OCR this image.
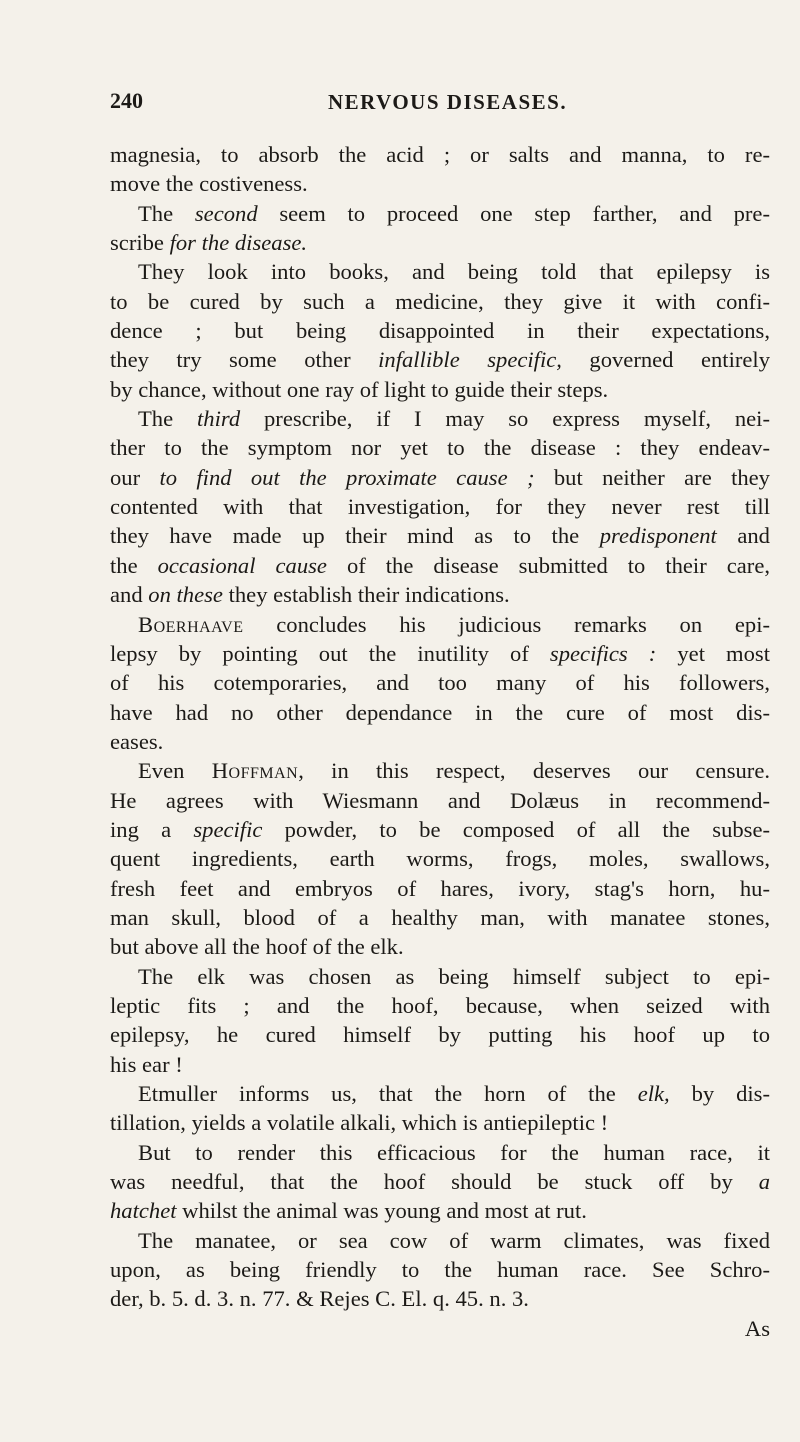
240	NERVOUS DISEASES.
magnesia, to absorb the acid ; or salts and manna, to re-
move the costiveness.
The second seem to proceed one step farther, and pre-
scribe for the disease.
They look into books, and being told that epilepsy is
to be cured by such a medicine, they give it with confi-
dence ; but being disappointed in their expectations,
they try some other infallible specific, governed entirely
by chance, without one ray of light to guide their steps.
The third prescribe, if I may so express myself, nei-
ther to the symptom nor yet to the disease : they endeav-
our to find out the proximate cause ; but neither are they
contented with that investigation, for they never rest till
they have made up their mind as to the predisponent and
the occasional cause of the disease submitted to their care,
and on these they establish their indications.
Boerhaave concludes his judicious remarks on epi-
lepsy by pointing out the inutility of specifics : yet most
of his cotemporaries, and too many of his followers,
have had no other dependance in the cure of most dis-
eases.
Even Hoffman, in this respect, deserves our censure.
He agrees with Wiesmann and Dolæus in recommend-
ing a specific powder, to be composed of all the subse-
quent ingredients, earth worms, frogs, moles, swallows,
fresh feet and embryos of hares, ivory, stag's horn, hu-
man skull, blood of a healthy man, with manatee stones,
but above all the hoof of the elk.
The elk was chosen as being himself subject to epi-
leptic fits ; and the hoof, because, when seized with
epilepsy, he cured himself by putting his hoof up to
his ear !
Etmuller informs us, that the horn of the elk, by dis-
tillation, yields a volatile alkali, which is antiepileptic !
But to render this efficacious for the human race, it
was needful, that the hoof should be stuck off by a
hatchet whilst the animal was young and most at rut.
The manatee, or sea cow of warm climates, was fixed
upon, as being friendly to the human race. See Schro-
der, b. 5. d. 3. n. 77. & Rejes C. El. q. 45. n. 3.
As
